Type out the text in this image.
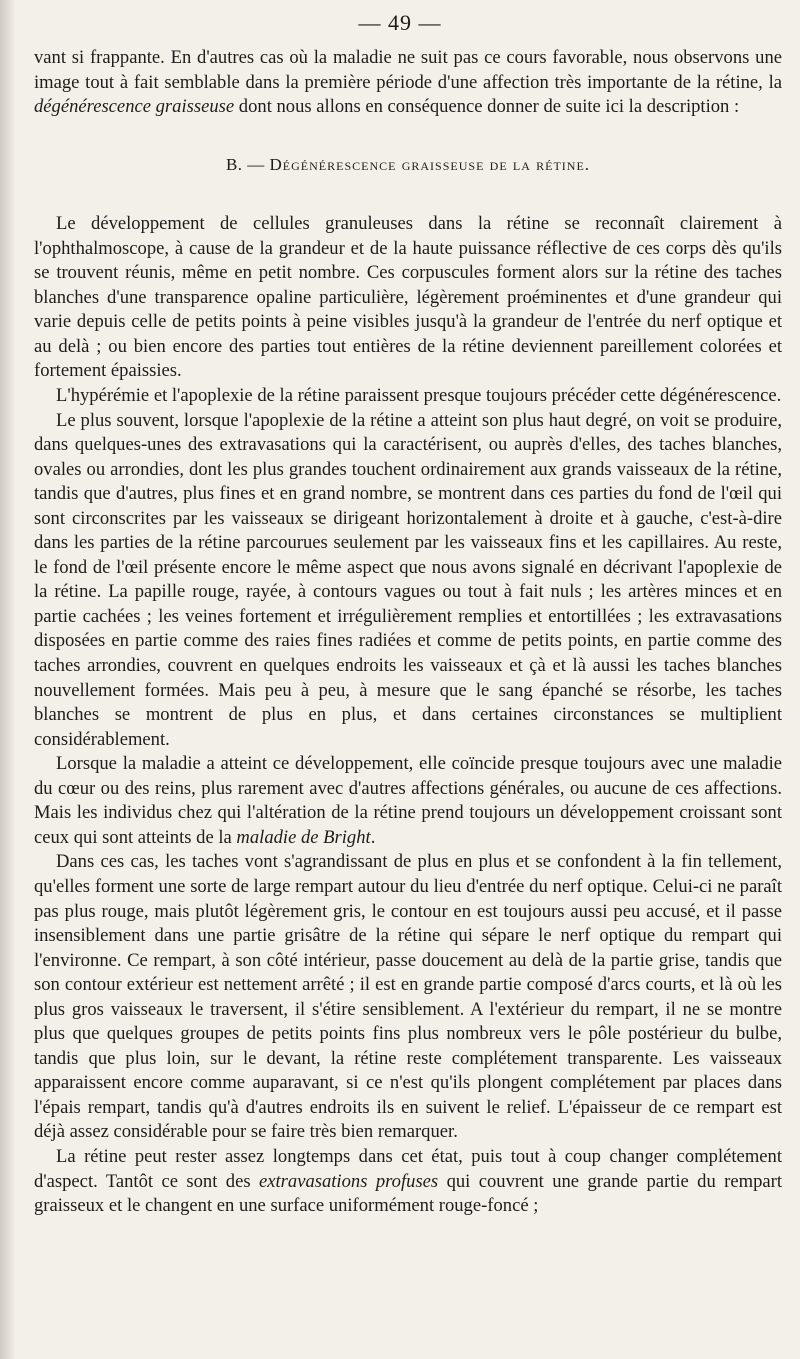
— 49 —

vant si frappante. En d'autres cas où la maladie ne suit pas ce cours favorable, nous observons une image tout à fait semblable dans la première période d'une affection très importante de la rétine, la dégénérescence graisseuse dont nous allons en conséquence donner de suite ici la description :

B. — Dégénérescence graisseuse de la rétine.

Le développement de cellules granuleuses dans la rétine se reconnaît clairement à l'ophthalmoscope, à cause de la grandeur et de la haute puissance réflective de ces corps dès qu'ils se trouvent réunis, même en petit nombre. Ces corpuscules forment alors sur la rétine des taches blanches d'une transparence opaline particulière, légèrement proéminentes et d'une grandeur qui varie depuis celle de petits points à peine visibles jusqu'à la grandeur de l'entrée du nerf optique et au delà ; ou bien encore des parties tout entières de la rétine deviennent pareillement colorées et fortement épaissies.

L'hypérémie et l'apoplexie de la rétine paraissent presque toujours précéder cette dégénérescence.

Le plus souvent, lorsque l'apoplexie de la rétine a atteint son plus haut degré, on voit se produire, dans quelques-unes des extravasations qui la caractérisent, ou auprès d'elles, des taches blanches, ovales ou arrondies, dont les plus grandes touchent ordinairement aux grands vaisseaux de la rétine, tandis que d'autres, plus fines et en grand nombre, se montrent dans ces parties du fond de l'œil qui sont circonscrites par les vaisseaux se dirigeant horizontalement à droite et à gauche, c'est-à-dire dans les parties de la rétine parcourues seulement par les vaisseaux fins et les capillaires. Au reste, le fond de l'œil présente encore le même aspect que nous avons signalé en décrivant l'apoplexie de la rétine. La papille rouge, rayée, à contours vagues ou tout à fait nuls ; les artères minces et en partie cachées ; les veines fortement et irrégulièrement remplies et entortillées ; les extravasations disposées en partie comme des raies fines radiées et comme de petits points, en partie comme des taches arrondies, couvrent en quelques endroits les vaisseaux et çà et là aussi les taches blanches nouvellement formées. Mais peu à peu, à mesure que le sang épanché se résorbe, les taches blanches se montrent de plus en plus, et dans certaines circonstances se multiplient considérablement.

Lorsque la maladie a atteint ce développement, elle coïncide presque toujours avec une maladie du cœur ou des reins, plus rarement avec d'autres affections générales, ou aucune de ces affections. Mais les individus chez qui l'altération de la rétine prend toujours un développement croissant sont ceux qui sont atteints de la maladie de Bright.

Dans ces cas, les taches vont s'agrandissant de plus en plus et se confondent à la fin tellement, qu'elles forment une sorte de large rempart autour du lieu d'entrée du nerf optique. Celui-ci ne paraît pas plus rouge, mais plutôt légèrement gris, le contour en est toujours aussi peu accusé, et il passe insensiblement dans une partie grisâtre de la rétine qui sépare le nerf optique du rempart qui l'environne. Ce rempart, à son côté intérieur, passe doucement au delà de la partie grise, tandis que son contour extérieur est nettement arrêté ; il est en grande partie composé d'arcs courts, et là où les plus gros vaisseaux le traversent, il s'étire sensiblement. A l'extérieur du rempart, il ne se montre plus que quelques groupes de petits points fins plus nombreux vers le pôle postérieur du bulbe, tandis que plus loin, sur le devant, la rétine reste complétement transparente. Les vaisseaux apparaissent encore comme auparavant, si ce n'est qu'ils plongent complétement par places dans l'épais rempart, tandis qu'à d'autres endroits ils en suivent le relief. L'épaisseur de ce rempart est déjà assez considérable pour se faire très bien remarquer.

La rétine peut rester assez longtemps dans cet état, puis tout à coup changer complétement d'aspect. Tantôt ce sont des extravasations profuses qui couvrent une grande partie du rempart graisseux et le changent en une surface uniformément rouge-foncé ;
